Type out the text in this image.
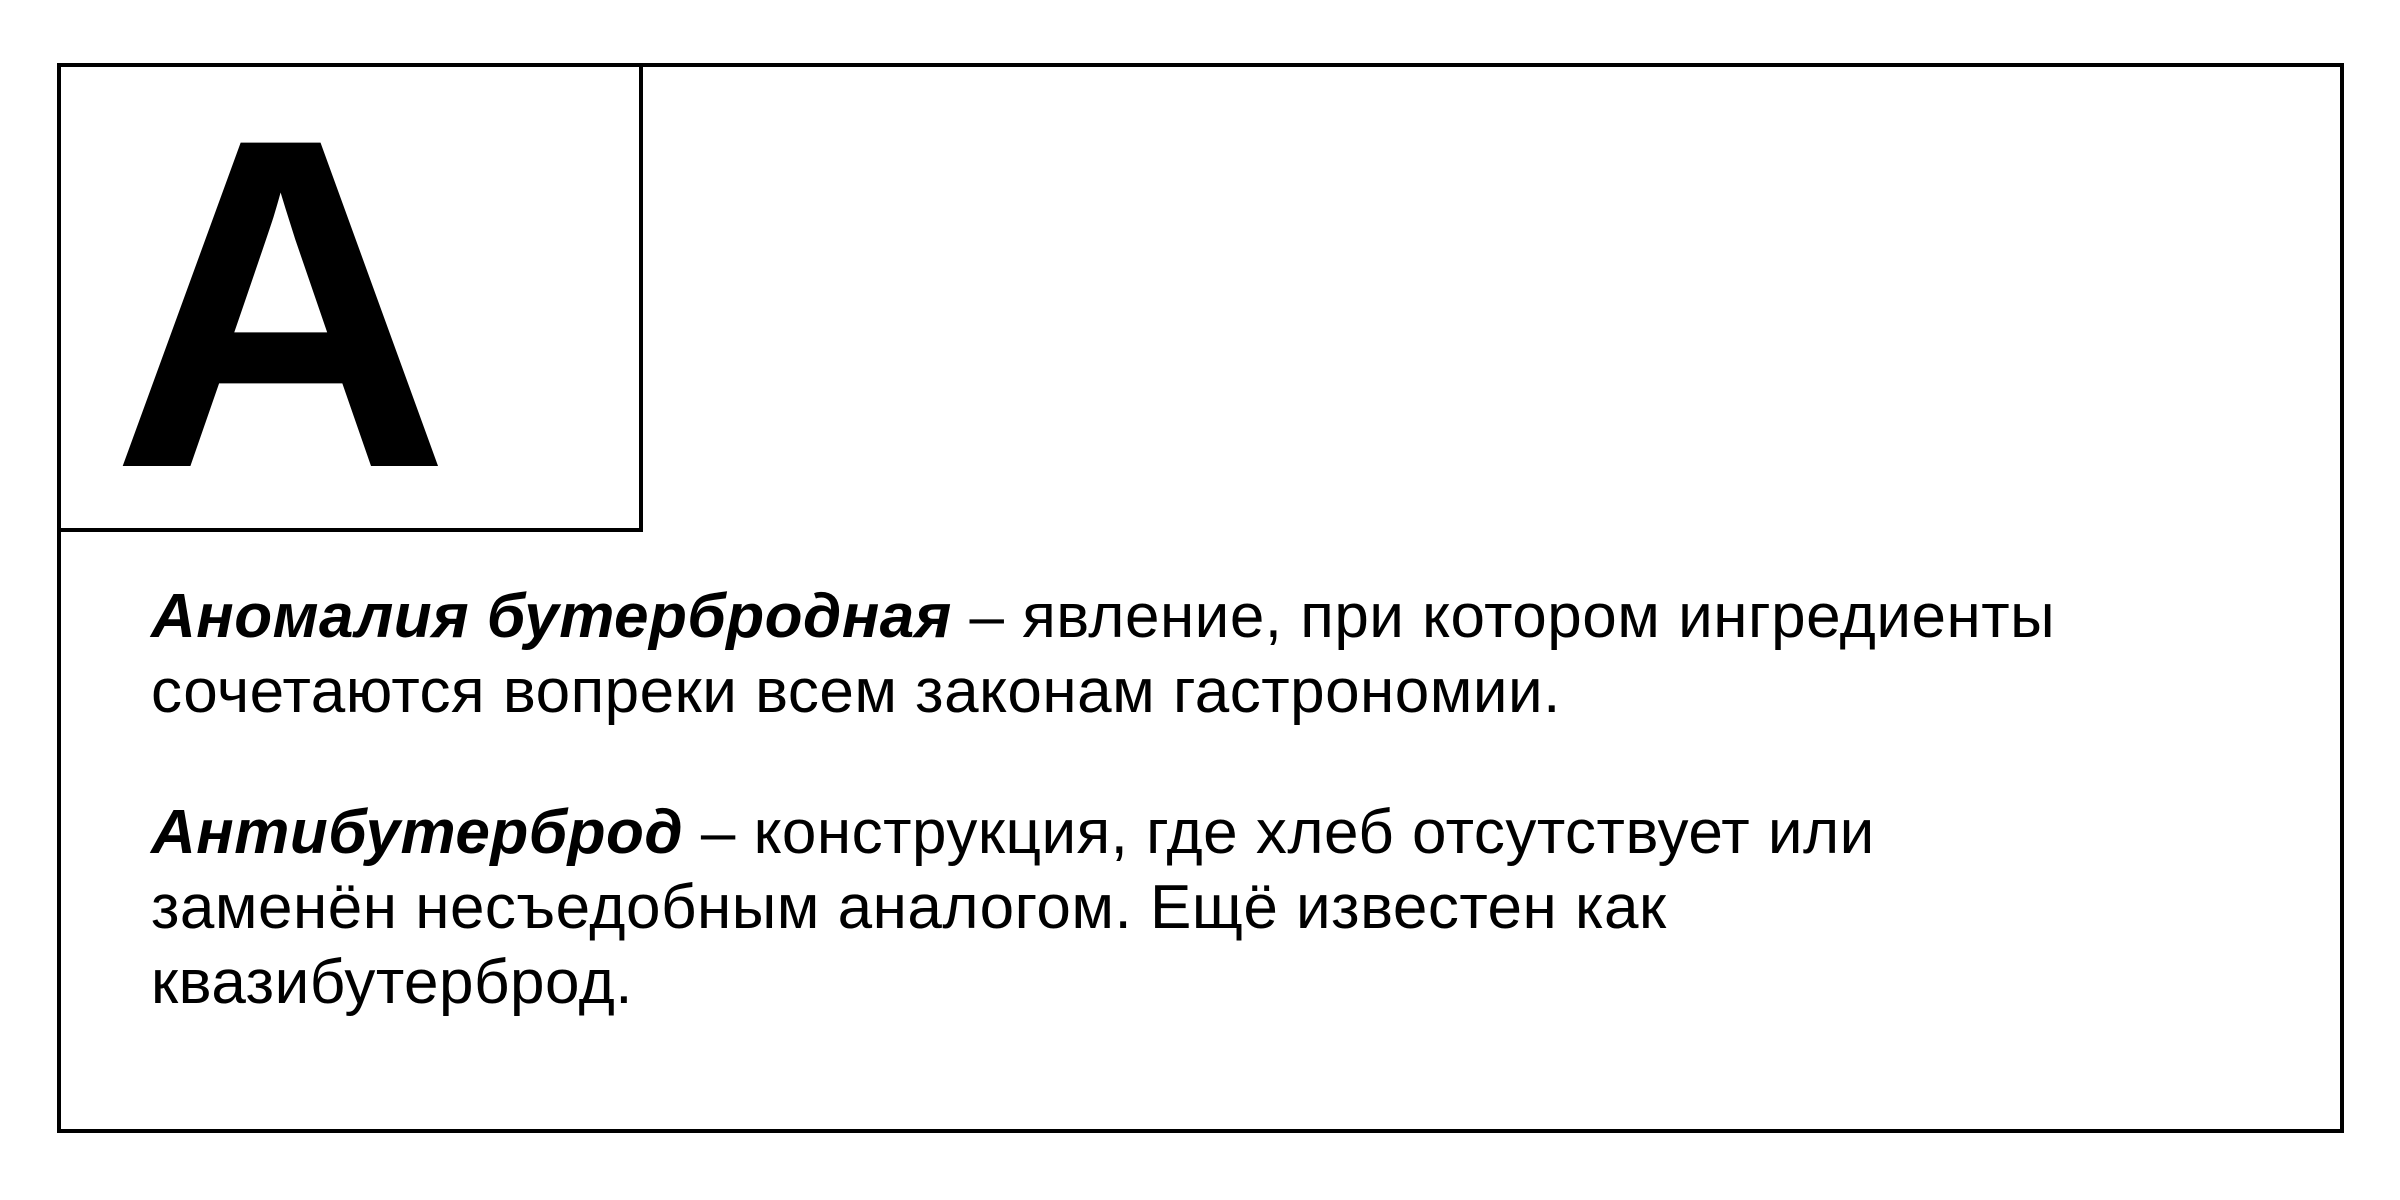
А

Аномалия бутербродная – явление, при котором ингредиенты
сочетаются вопреки всем законам гастрономии.

Антибутерброд – конструкция, где хлеб отсутствует или
заменён несъедобным аналогом. Ещё известен как
квазибутерброд.
